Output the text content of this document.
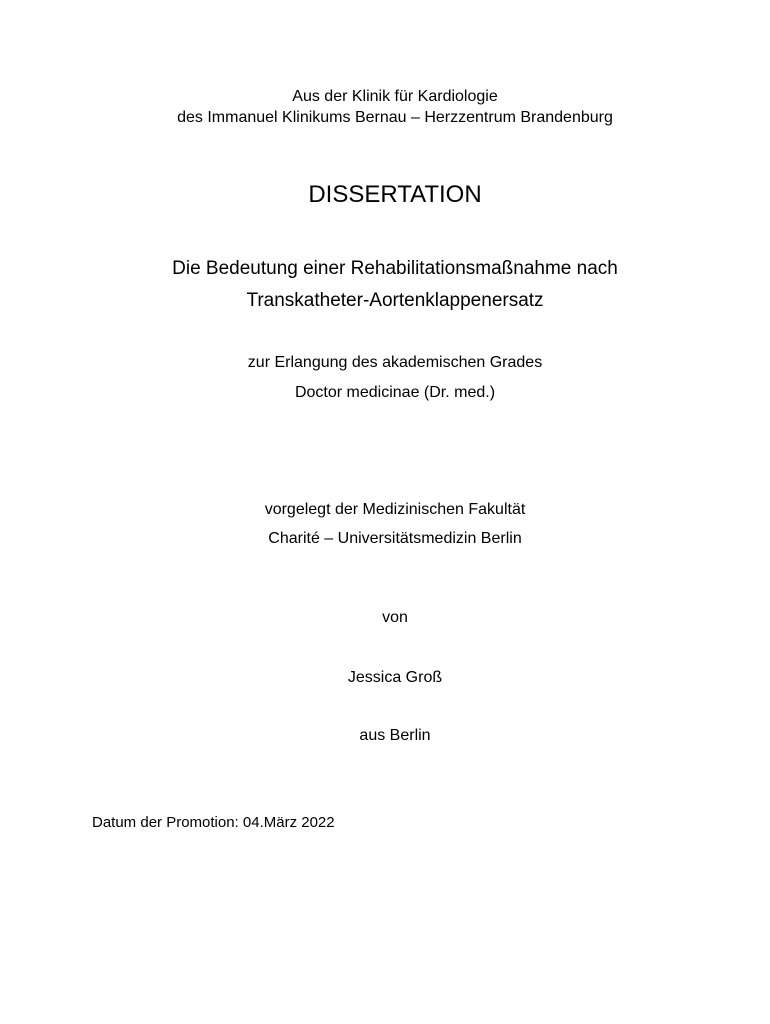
Aus der Klinik für Kardiologie
des Immanuel Klinikums Bernau – Herzzentrum Brandenburg
DISSERTATION
Die Bedeutung einer Rehabilitationsmaßnahme nach
Transkatheter-Aortenklappenersatz
zur Erlangung des akademischen Grades
Doctor medicinae (Dr. med.)
vorgelegt der Medizinischen Fakultät
Charité – Universitätsmedizin Berlin
von
Jessica Groß
aus Berlin
Datum der Promotion: 04.März 2022
